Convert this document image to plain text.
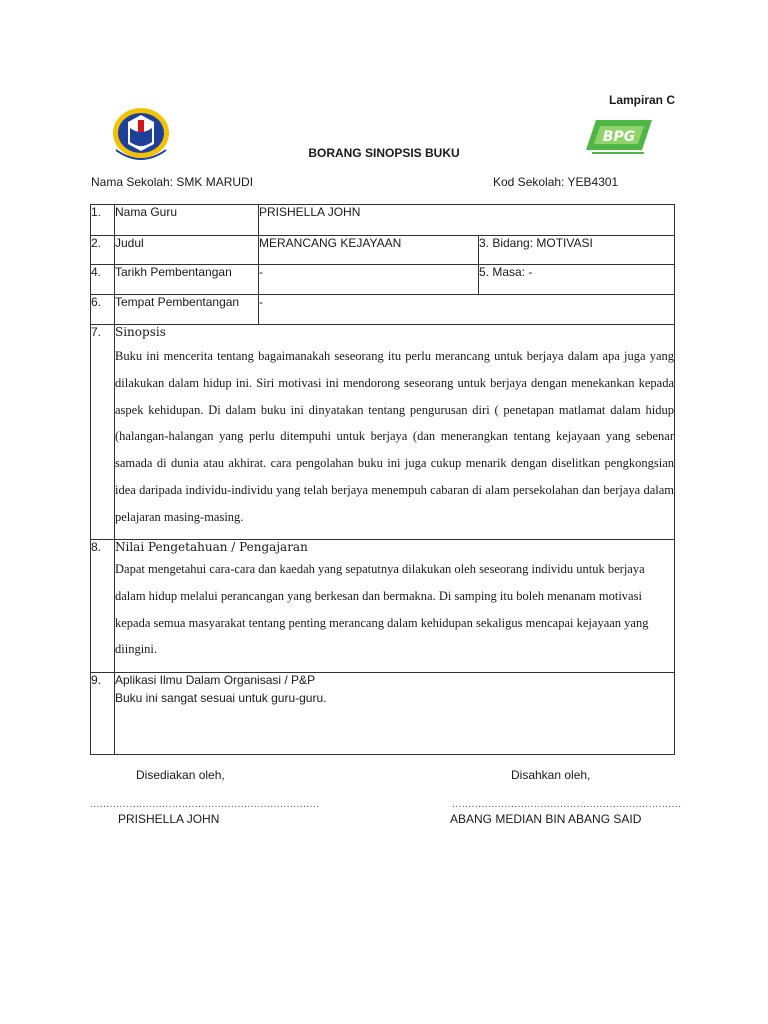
Lampiran C
BPG
BORANG SINOPSIS BUKU
Nama Sekolah: SMK MARUDI	Kod Sekolah: YEB4301
1.	Nama Guru	PRISHELLA JOHN	
2.	Judul	MERANCANG KEJAYAAN	3. Bidang: MOTIVASI
4.	Tarikh Pembentangan	-	5. Masa: -
6.	Tempat Pembentangan	-	
7.	Sinopsis
Buku ini mencerita tentang bagaimanakah seseorang itu perlu merancang untuk berjaya dalam apa juga yang dilakukan dalam hidup ini. Siri motivasi ini mendorong seseorang untuk berjaya dengan menekankan kepada aspek kehidupan. Di dalam buku ini dinyatakan tentang pengurusan diri ( penetapan matlamat dalam hidup (halangan-halangan yang perlu ditempuhi untuk berjaya (dan menerangkan tentang kejayaan yang sebenar samada di dunia atau akhirat. cara pengolahan buku ini juga cukup menarik dengan diselitkan pengkongsian idea daripada individu-individu yang telah berjaya menempuh cabaran di alam persekolahan dan berjaya dalam pelajaran masing-masing.		

8.	Nilai Pengetahuan / Pengajaran
Dapat mengetahui cara-cara dan kaedah yang sepatutnya dilakukan oleh seseorang individu untuk berjaya dalam hidup melalui perancangan yang berkesan dan bermakna. Di samping itu boleh menanam motivasi kepada semua masyarakat tentang penting merancang dalam kehidupan sekaligus mencapai kejayaan yang diingini.		

9.	Aplikasi Ilmu Dalam Organisasi / P&P
Buku ini sangat sesuai untuk guru-guru.		
Disediakan oleh,	Disahkan oleh,
......................................................................	......................................................................
PRISHELLA JOHN	ABANG MEDIAN BIN ABANG SAID
